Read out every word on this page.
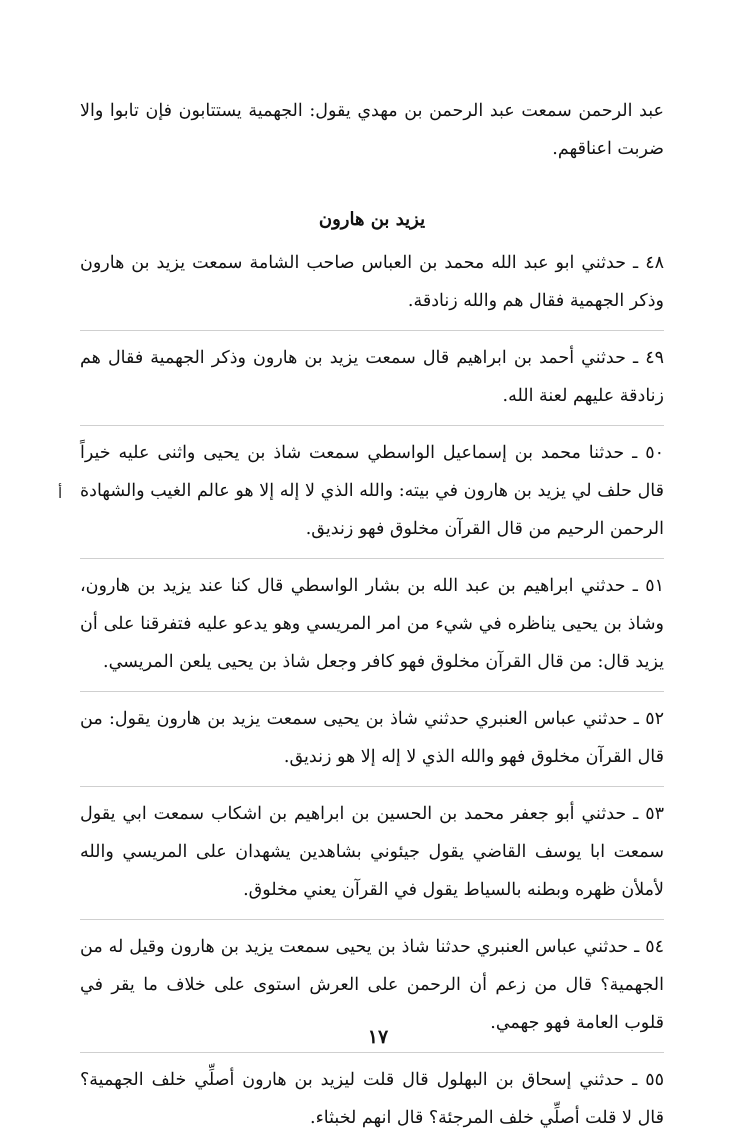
عبد الرحمن سمعت عبد الرحمن بن مهدي يقول: الجهمية يستتابون فإن تابوا والا ضربت اعناقهم.

يزيد بن هارون

٤٨ ـ حدثني ابو عبد الله محمد بن العباس صاحب الشامة سمعت يزيد بن هارون وذكر الجهمية فقال هم والله زنادقة.

٤٩ ـ حدثني أحمد بن ابراهيم قال سمعت يزيد بن هارون وذكر الجهمية فقال هم زنادقة عليهم لعنة الله.

٥٠ ـ حدثنا محمد بن إسماعيل الواسطي سمعت شاذ بن يحيى واثنى عليه خيراً قال حلف لي يزيد بن هارون في بيته: والله الذي لا إله إلا هو عالم الغيب والشهادة الرحمن الرحيم من قال القرآن مخلوق فهو زنديق.

أ

٥١ ـ حدثني ابراهيم بن عبد الله بن بشار الواسطي قال كنا عند يزيد بن هارون، وشاذ بن يحيى يناظره في شيء من امر المريسي وهو يدعو عليه فتفرقنا على أن يزيد قال: من قال القرآن مخلوق فهو كافر وجعل شاذ بن يحيى يلعن المريسي.

٥٢ ـ حدثني عباس العنبري حدثني شاذ بن يحيى سمعت يزيد بن هارون يقول: من قال القرآن مخلوق فهو والله الذي لا إله إلا هو زنديق.

٥٣ ـ حدثني أبو جعفر محمد بن الحسين بن ابراهيم بن اشكاب سمعت ابي يقول سمعت ابا يوسف القاضي يقول جيئوني بشاهدين يشهدان على المريسي والله لأملأن ظهره وبطنه بالسياط يقول في القرآن يعني مخلوق.

٥٤ ـ حدثني عباس العنبري حدثنا شاذ بن يحيى سمعت يزيد بن هارون وقيل له من الجهمية؟ قال من زعم أن الرحمن على العرش استوى على خلاف ما يقر في قلوب العامة فهو جهمي.

٥٥ ـ حدثني إسحاق بن البهلول قال قلت ليزيد بن هارون أصلِّي خلف الجهمية؟ قال لا قلت أصلِّي خلف المرجئة؟ قال انهم لخبثاء.

١٧
